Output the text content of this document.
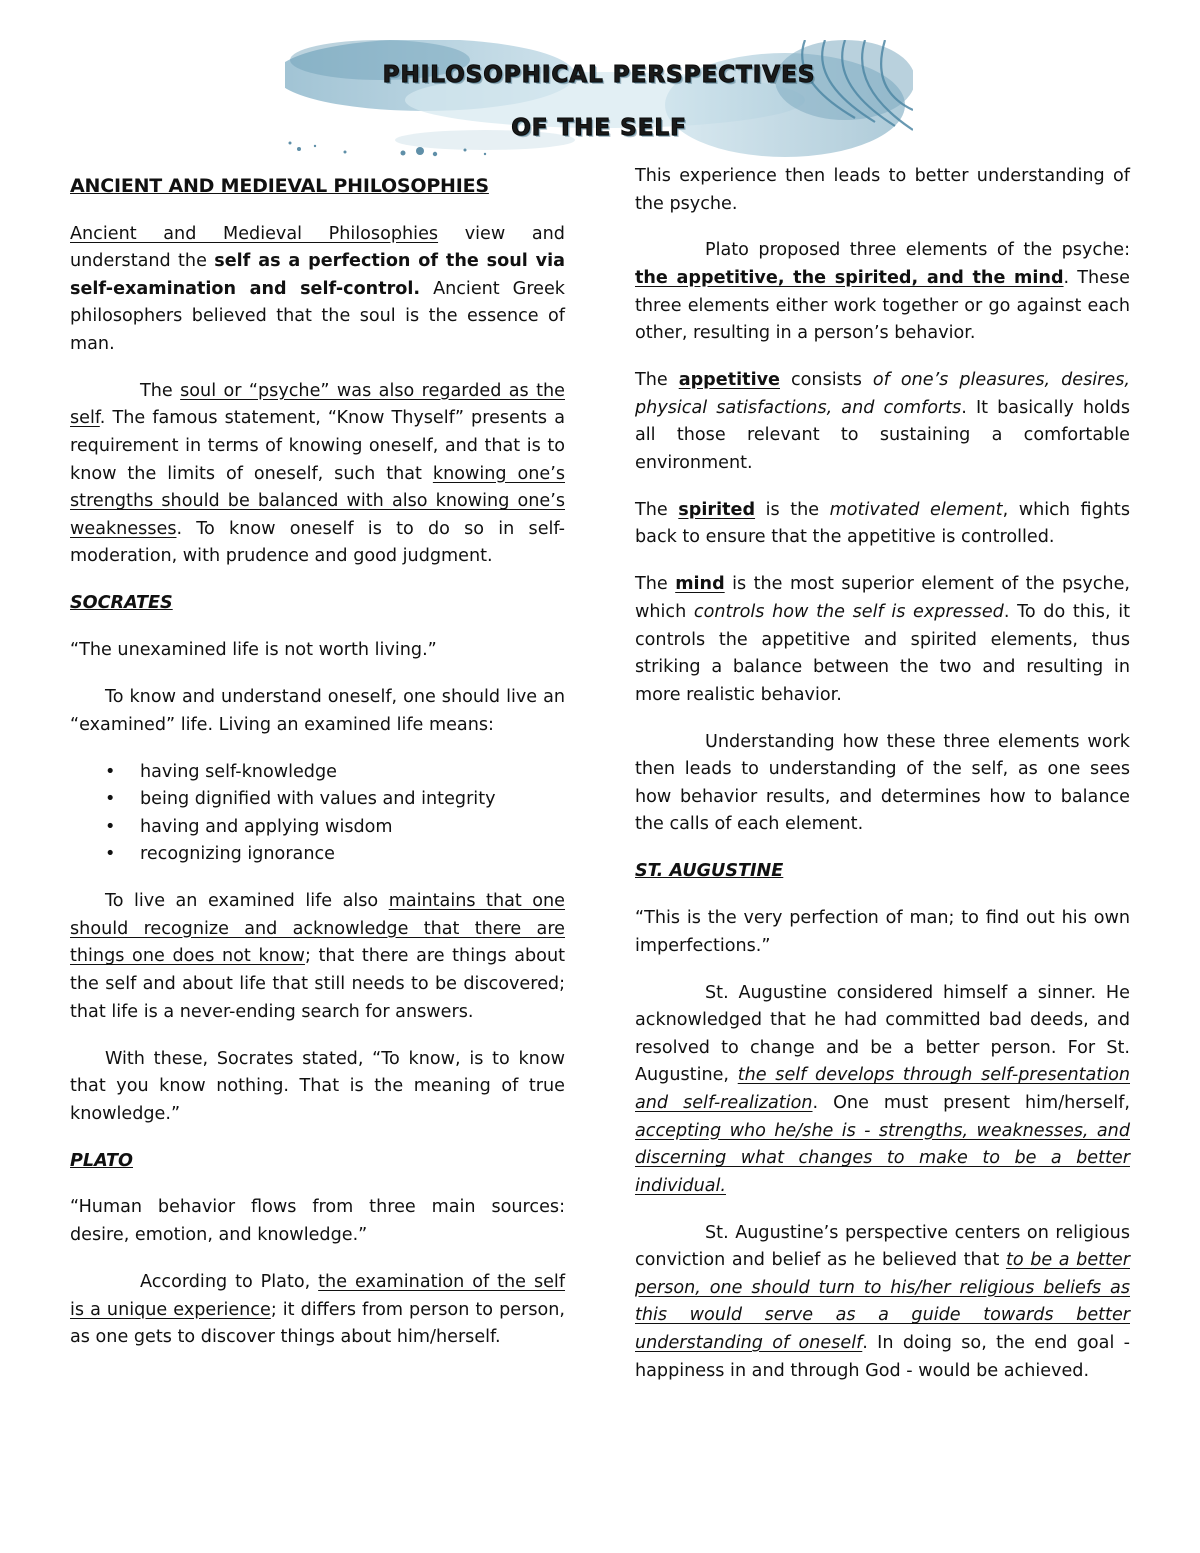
PHILOSOPHICAL PERSPECTIVES
OF THE SELF
ANCIENT AND MEDIEVAL PHILOSOPHIES

Ancient and Medieval Philosophies view and understand the self as a perfection of the soul via self-examination and self-control. Ancient Greek philosophers believed that the soul is the essence of man.

The soul or “psyche” was also regarded as the self. The famous statement, “Know Thyself” presents a requirement in terms of knowing oneself, and that is to know the limits of oneself, such that knowing one’s strengths should be balanced with also knowing one’s weaknesses. To know oneself is to do so in self-moderation, with prudence and good judgment.

SOCRATES

“The unexamined life is not worth living.”

To know and understand oneself, one should live an “examined” life. Living an examined life means:

• having self-knowledge
• being dignified with values and integrity
• having and applying wisdom
• recognizing ignorance

To live an examined life also maintains that one should recognize and acknowledge that there are things one does not know; that there are things about the self and about life that still needs to be discovered; that life is a never-ending search for answers.

With these, Socrates stated, “To know, is to know that you know nothing. That is the meaning of true knowledge.”

PLATO

“Human behavior flows from three main sources: desire, emotion, and knowledge.”

According to Plato, the examination of the self is a unique experience; it differs from person to person, as one gets to discover things about him/herself.

This experience then leads to better understanding of the psyche.

Plato proposed three elements of the psyche: the appetitive, the spirited, and the mind. These three elements either work together or go against each other, resulting in a person’s behavior.

The appetitive consists of one’s pleasures, desires, physical satisfactions, and comforts. It basically holds all those relevant to sustaining a comfortable environment.

The spirited is the motivated element, which fights back to ensure that the appetitive is controlled.

The mind is the most superior element of the psyche, which controls how the self is expressed. To do this, it controls the appetitive and spirited elements, thus striking a balance between the two and resulting in more realistic behavior.

Understanding how these three elements work then leads to understanding of the self, as one sees how behavior results, and determines how to balance the calls of each element.

ST. AUGUSTINE

“This is the very perfection of man; to find out his own imperfections.”

St. Augustine considered himself a sinner. He acknowledged that he had committed bad deeds, and resolved to change and be a better person. For St. Augustine, the self develops through self-presentation and self-realization. One must present him/herself, accepting who he/she is - strengths, weaknesses, and discerning what changes to make to be a better individual.

St. Augustine’s perspective centers on religious conviction and belief as he believed that to be a better person, one should turn to his/her religious beliefs as this would serve as a guide towards better understanding of oneself. In doing so, the end goal - happiness in and through God - would be achieved.
